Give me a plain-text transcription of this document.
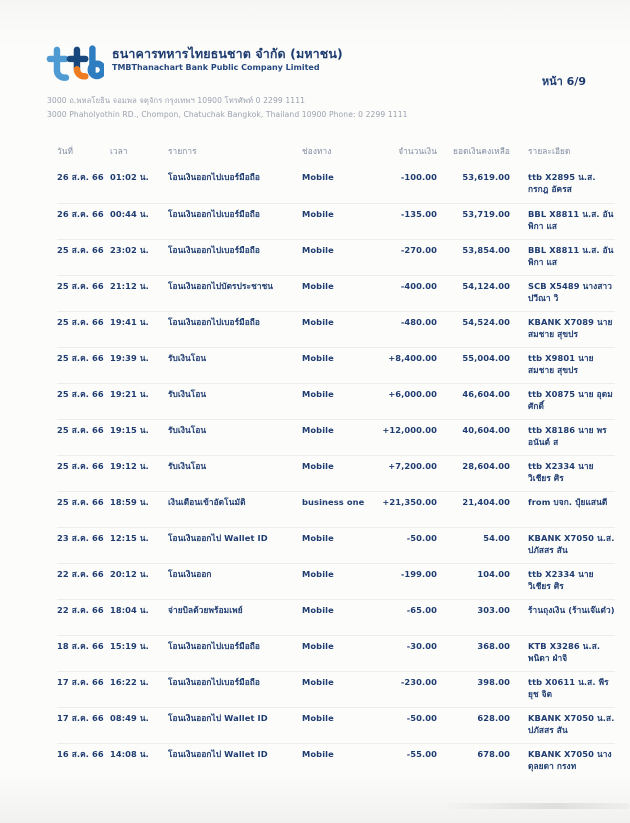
ธนาคารทหารไทยธนชาต จำกัด (มหาชน)
TMBThanachart Bank Public Company Limited
หน้า 6/9
3000 ถ.พหลโยธิน จอมพล จตุจักร กรุงเทพฯ 10900 โทรศัพท์ 0 2299 1111
3000 Phaholyothin RD., Chompon, Chatuchak Bangkok, Thailand 10900 Phone: 0 2299 1111
วันที่	เวลา	รายการ	ช่องทาง	จำนวนเงิน	ยอดเงินคงเหลือ รายละเอียด
26 ส.ค. 66 01:02 น.	โอนเงินออกไปเบอร์มือถือ	Mobile	-100.00	53,619.00 ttb X2895 น.ส. กรกฎ อัครส
26 ส.ค. 66 00:44 น.	โอนเงินออกไปเบอร์มือถือ	Mobile	-135.00	53,719.00 BBL X8811 น.ส. อันพิกา แส
25 ส.ค. 66 23:02 น.	โอนเงินออกไปเบอร์มือถือ	Mobile	-270.00	53,854.00 BBL X8811 น.ส. อันพิกา แส
25 ส.ค. 66 21:12 น.	โอนเงินออกไปบัตรประชาชน	Mobile	-400.00	54,124.00 SCB X5489 นางสาว ปวีณา วิ
25 ส.ค. 66 19:41 น.	โอนเงินออกไปเบอร์มือถือ	Mobile	-480.00	54,524.00 KBANK X7089 นาย สมชาย สุขปร
25 ส.ค. 66 19:39 น.	รับเงินโอน	Mobile	+8,400.00	55,004.00 ttb X9801 นาย สมชาย สุขปร
25 ส.ค. 66 19:21 น.	รับเงินโอน	Mobile	+6,000.00	46,604.00 ttb X0875 นาย อุดมศักดิ์
25 ส.ค. 66 19:15 น.	รับเงินโอน	Mobile	+12,000.00	40,604.00 ttb X8186 นาย พรอนันต์ ส
25 ส.ค. 66 19:12 น.	รับเงินโอน	Mobile	+7,200.00	28,604.00 ttb X2334 นาย วิเชียร ศิร
25 ส.ค. 66 18:59 น.	เงินเดือนเข้าอัตโนมัติ	business one	+21,350.00	21,404.00 from บจก. ปุ๋ยแสนดี
23 ส.ค. 66 12:15 น.	โอนเงินออกไป Wallet ID	Mobile	-50.00	54.00 KBANK X7050 น.ส. ปภัสสร สัน
22 ส.ค. 66 20:12 น.	โอนเงินออก	Mobile	-199.00	104.00 ttb X2334 นาย วิเชียร ศิร
22 ส.ค. 66 18:04 น.	จ่ายบิลด้วยพร้อมเพย์	Mobile	-65.00	303.00 ร้านถุงเงิน (ร้านเจ๊แต๋ว)
18 ส.ค. 66 15:19 น.	โอนเงินออกไปเบอร์มือถือ	Mobile	-30.00	368.00 KTB X3286 น.ส. พนิดา ฝ่าจิ
17 ส.ค. 66 16:22 น.	โอนเงินออกไปเบอร์มือถือ	Mobile	-230.00	398.00 ttb X0611 น.ส. พีรยุช จิต
17 ส.ค. 66 08:49 น.	โอนเงินออกไป Wallet ID	Mobile	-50.00	628.00 KBANK X7050 น.ส. ปภัสสร สัน
16 ส.ค. 66 14:08 น.	โอนเงินออกไป Wallet ID	Mobile	-55.00	678.00 KBANK X7050 นาง ดุลยดา กรงท
